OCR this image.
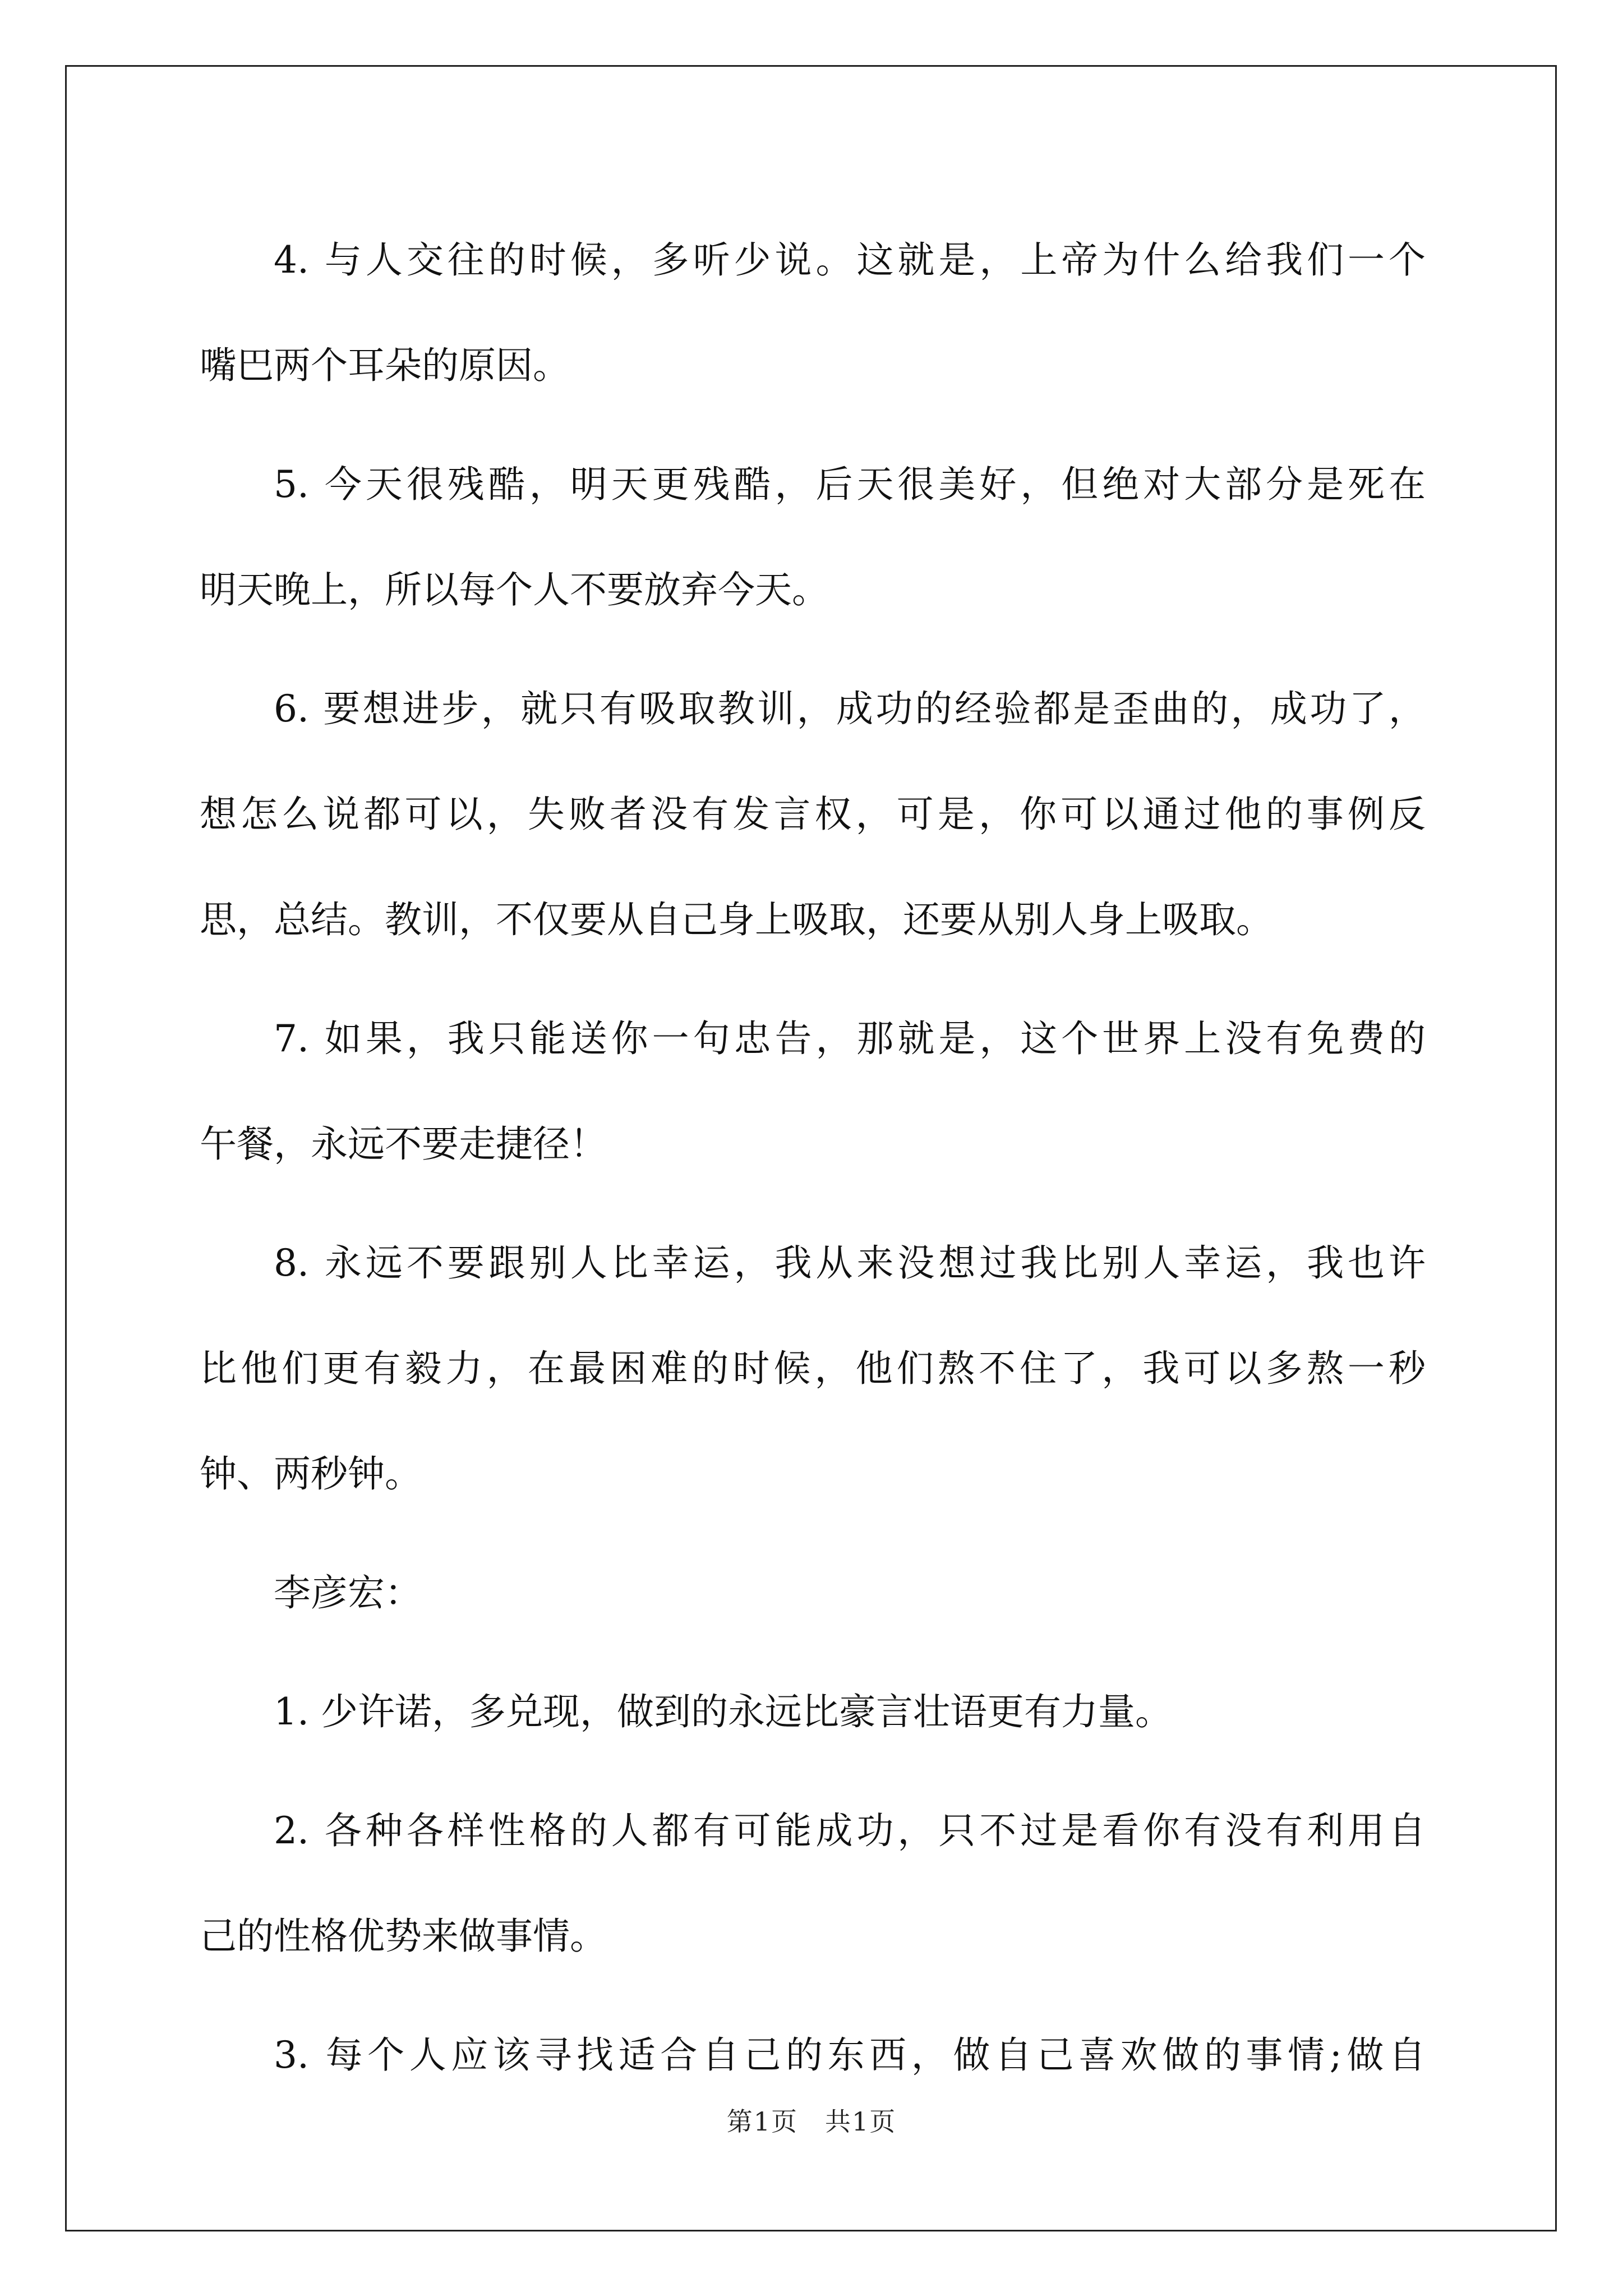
4. 与人交往的时候，多听少说。这就是，上帝为什么给我们一个
嘴巴两个耳朵的原因。
5. 今天很残酷，明天更残酷，后天很美好，但绝对大部分是死在
明天晚上，所以每个人不要放弃今天。
6. 要想进步，就只有吸取教训，成功的经验都是歪曲的，成功了，
想怎么说都可以，失败者没有发言权，可是，你可以通过他的事例反
思，总结。教训，不仅要从自己身上吸取，还要从别人身上吸取。
7. 如果，我只能送你一句忠告，那就是，这个世界上没有免费的
午餐，永远不要走捷径！
8. 永远不要跟别人比幸运，我从来没想过我比别人幸运，我也许
比他们更有毅力，在最困难的时候，他们熬不住了，我可以多熬一秒
钟、两秒钟。
李彦宏：
1. 少许诺，多兑现，做到的永远比豪言壮语更有力量。
2. 各种各样性格的人都有可能成功，只不过是看你有没有利用自
己的性格优势来做事情。
3. 每个人应该寻找适合自己的东西，做自己喜欢做的事情;做自
第1页　共1页
